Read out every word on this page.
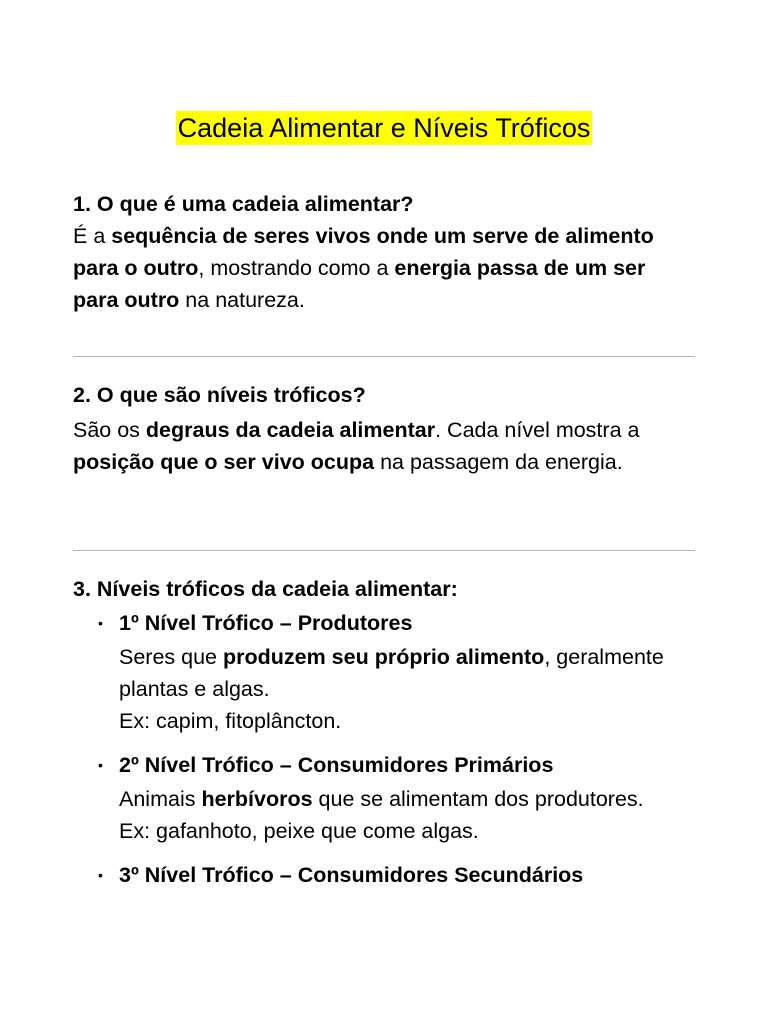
Cadeia Alimentar e Níveis Tróficos

1. O que é uma cadeia alimentar?

É a sequência de seres vivos onde um serve de alimento para o outro, mostrando como a energia passa de um ser para outro na natureza.

2. O que são níveis tróficos?

São os degraus da cadeia alimentar. Cada nível mostra a posição que o ser vivo ocupa na passagem da energia.

3. Níveis tróficos da cadeia alimentar:

• 1º Nível Trófico – Produtores
Seres que produzem seu próprio alimento, geralmente plantas e algas.
Ex: capim, fitoplâncton.
• 2º Nível Trófico – Consumidores Primários
Animais herbívoros que se alimentam dos produtores.
Ex: gafanhoto, peixe que come algas.
• 3º Nível Trófico – Consumidores Secundários
